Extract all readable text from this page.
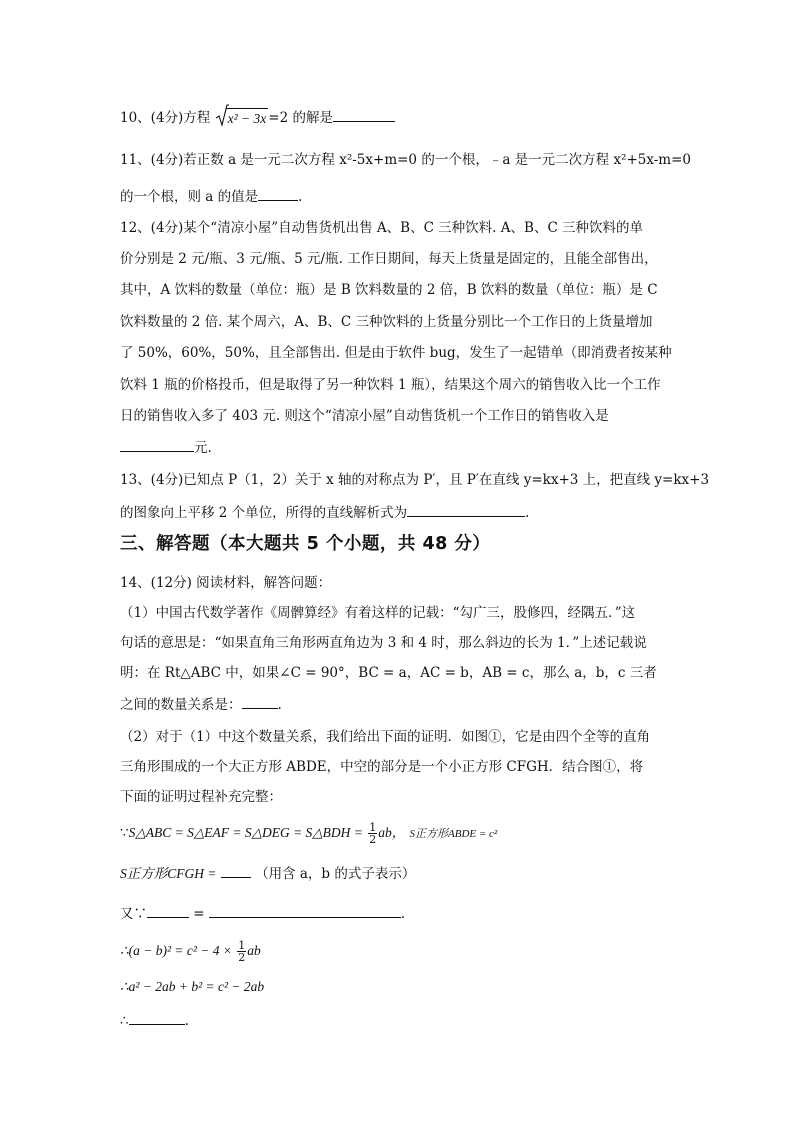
10、(4分)方程 x² − 3x =2 的解是
11、(4分)若正数 a 是一元二次方程 x²-5x+m=0 的一个根，﹣a 是一元二次方程 x²+5x-m=0
的一个根，则 a 的值是	.
12、(4分)某个“清凉小屋”自动售货机出售 A、B、C 三种饮料. A、B、C 三种饮料的单
价分别是 2 元/瓶、3 元/瓶、5 元/瓶. 工作日期间，每天上货量是固定的，且能全部售出，
其中，A 饮料的数量（单位：瓶）是 B 饮料数量的 2 倍，B 饮料的数量（单位：瓶）是 C
饮料数量的 2 倍. 某个周六，A、B、C 三种饮料的上货量分别比一个工作日的上货量增加
了 50%，60%，50%，且全部售出. 但是由于软件 bug，发生了一起错单（即消费者按某种
饮料 1 瓶的价格投币，但是取得了另一种饮料 1 瓶），结果这个周六的销售收入比一个工作
日的销售收入多了 403 元. 则这个“清凉小屋”自动售货机一个工作日的销售收入是
元.
13、(4分)已知点 P（1，2）关于 x 轴的对称点为 P′，且 P′在直线 y=kx+3 上，把直线 y=kx+3
的图象向上平移 2 个单位，所得的直线解析式为	.
三、解答题（本大题共 5 个小题，共 48 分）
14、(12分) 阅读材料，解答问题：
（1）中国古代数学著作《周髀算经》有着这样的记载：“勾广三，股修四，经隅五．”这
句话的意思是：“如果直角三角形两直角边为 3 和 4 时，那么斜边的长为 1．”上述记载说
明：在 Rt△ABC 中，如果∠C = 90°，BC = a，AC = b，AB = c，那么 a，b，c 三者
之间的数量关系是：	.
（2）对于（1）中这个数量关系，我们给出下面的证明．如图①，它是由四个全等的直角
三角形围成的一个大正方形 ABDE，中空的部分是一个小正方形 CFGH．结合图①，将
下面的证明过程补充完整：
∵S△ABC = S△EAF = S△DEG = S△BDH = $\frac{1}{2}$ ab， S正方形ABDE = c²
S正方形CFGH =	（用含 a，b 的式子表示）
又∵	=	.
∴(a − $b)^2 = c^2 - 4 \times \frac{1}{2}$ ab
∴a² − 2ab + b² = c² − 2ab
∴	.
